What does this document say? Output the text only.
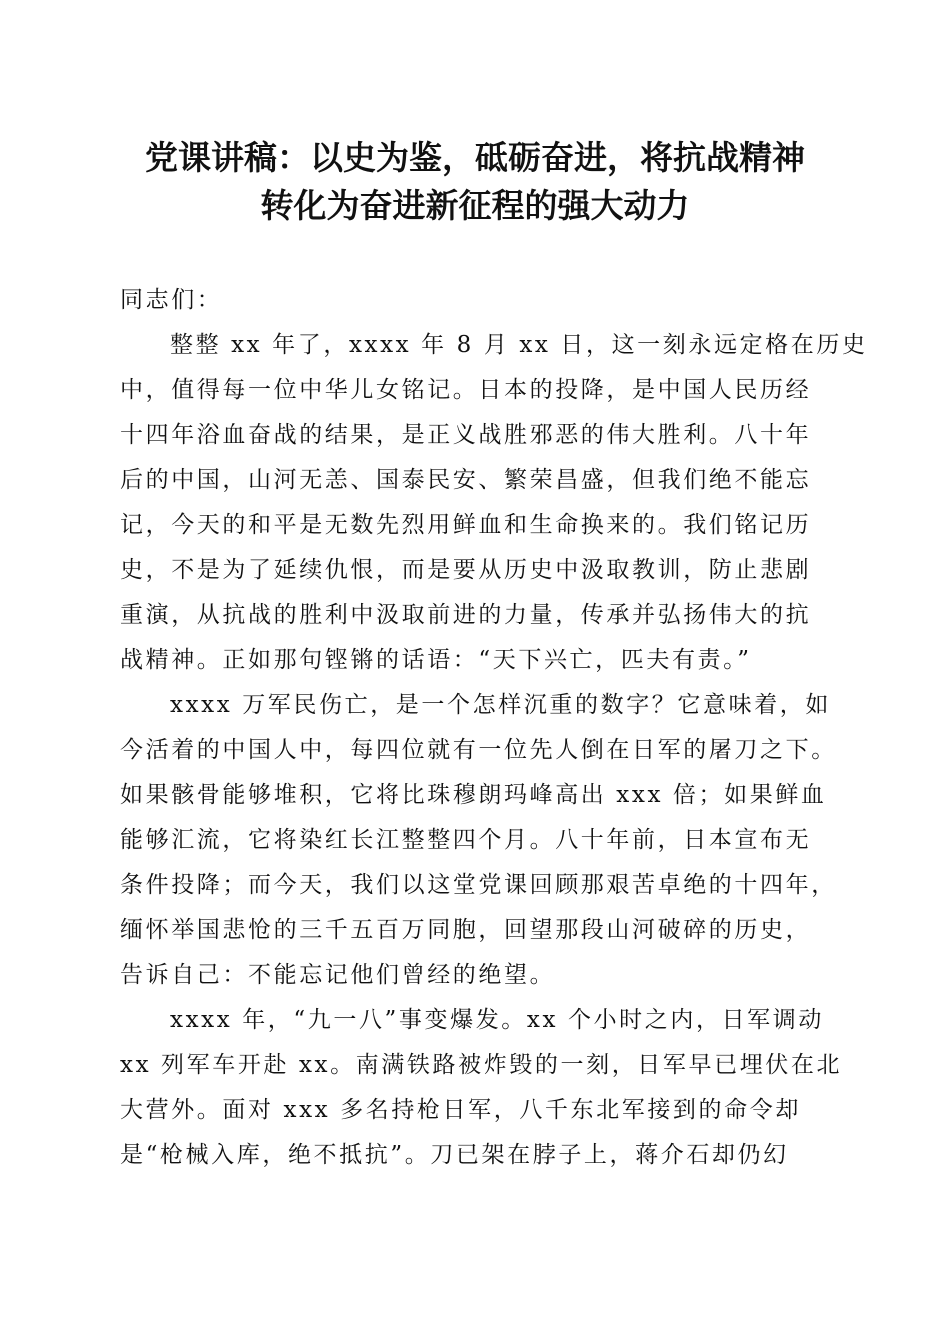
党课讲稿：以史为鉴，砥砺奋进，将抗战精神
转化为奋进新征程的强大动力
同志们：
整整 xx 年了，xxxx 年 8 月 xx 日，这一刻永远定格在历史
中，值得每一位中华儿女铭记。日本的投降，是中国人民历经
十四年浴血奋战的结果，是正义战胜邪恶的伟大胜利。八十年
后的中国，山河无恙、国泰民安、繁荣昌盛，但我们绝不能忘
记，今天的和平是无数先烈用鲜血和生命换来的。我们铭记历
史，不是为了延续仇恨，而是要从历史中汲取教训，防止悲剧
重演，从抗战的胜利中汲取前进的力量，传承并弘扬伟大的抗
战精神。正如那句铿锵的话语：“天下兴亡，匹夫有责。”
xxxx 万军民伤亡，是一个怎样沉重的数字？它意味着，如
今活着的中国人中，每四位就有一位先人倒在日军的屠刀之下。
如果骸骨能够堆积，它将比珠穆朗玛峰高出 xxx 倍；如果鲜血
能够汇流，它将染红长江整整四个月。八十年前，日本宣布无
条件投降；而今天，我们以这堂党课回顾那艰苦卓绝的十四年，
缅怀举国悲怆的三千五百万同胞，回望那段山河破碎的历史，
告诉自己：不能忘记他们曾经的绝望。
xxxx 年，“九一八”事变爆发。xx 个小时之内，日军调动
xx 列军车开赴 xx。南满铁路被炸毁的一刻，日军早已埋伏在北
大营外。面对 xxx 多名持枪日军，八千东北军接到的命令却
是“枪械入库，绝不抵抗”。刀已架在脖子上，蒋介石却仍幻
